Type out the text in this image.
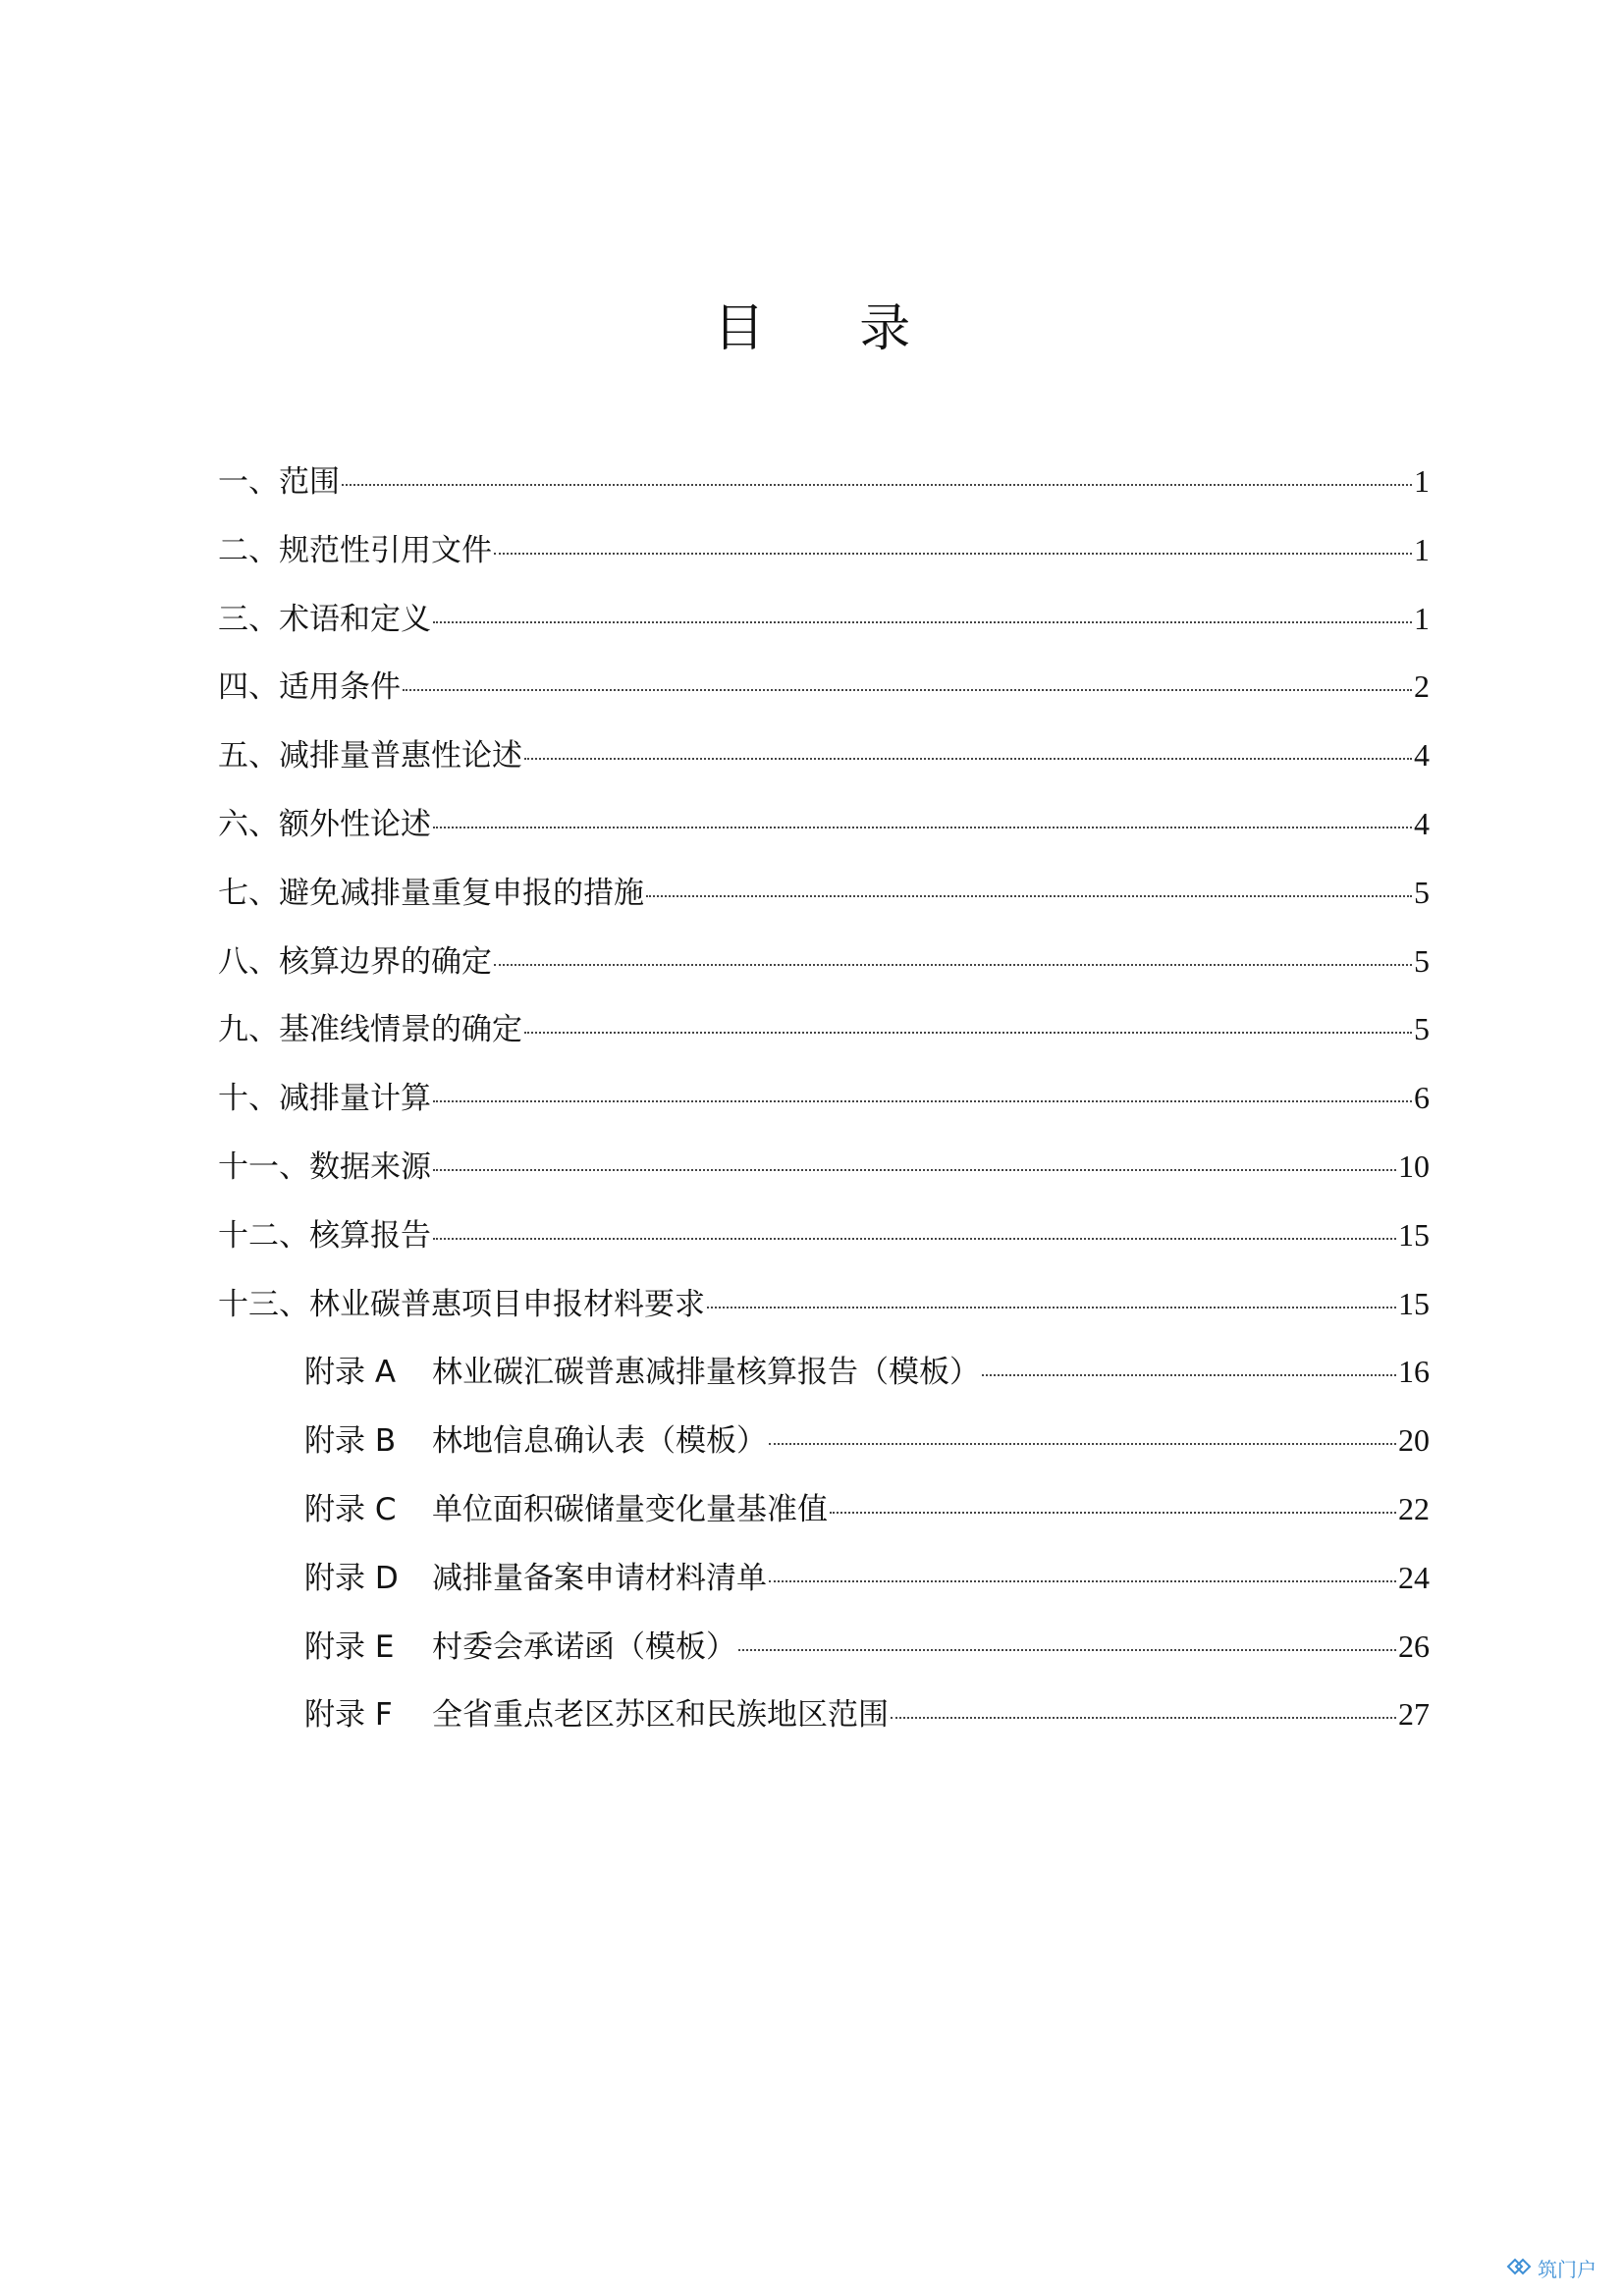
目 录
一、范围	1
二、规范性引用文件	1
三、术语和定义	1
四、适用条件	2
五、减排量普惠性论述	4
六、额外性论述	4
七、避免减排量重复申报的措施	5
八、核算边界的确定	5
九、基准线情景的确定	5
十、减排量计算	6
十一、数据来源	10
十二、核算报告	15
十三、林业碳普惠项目申报材料要求	15
附录 A 林业碳汇碳普惠减排量核算报告（模板）	16
附录 B 林地信息确认表（模板）	20
附录 C 单位面积碳储量变化量基准值	22
附录 D 减排量备案申请材料清单	24
附录 E 村委会承诺函（模板）	26
附录 F 全省重点老区苏区和民族地区范围	27
筑门户
